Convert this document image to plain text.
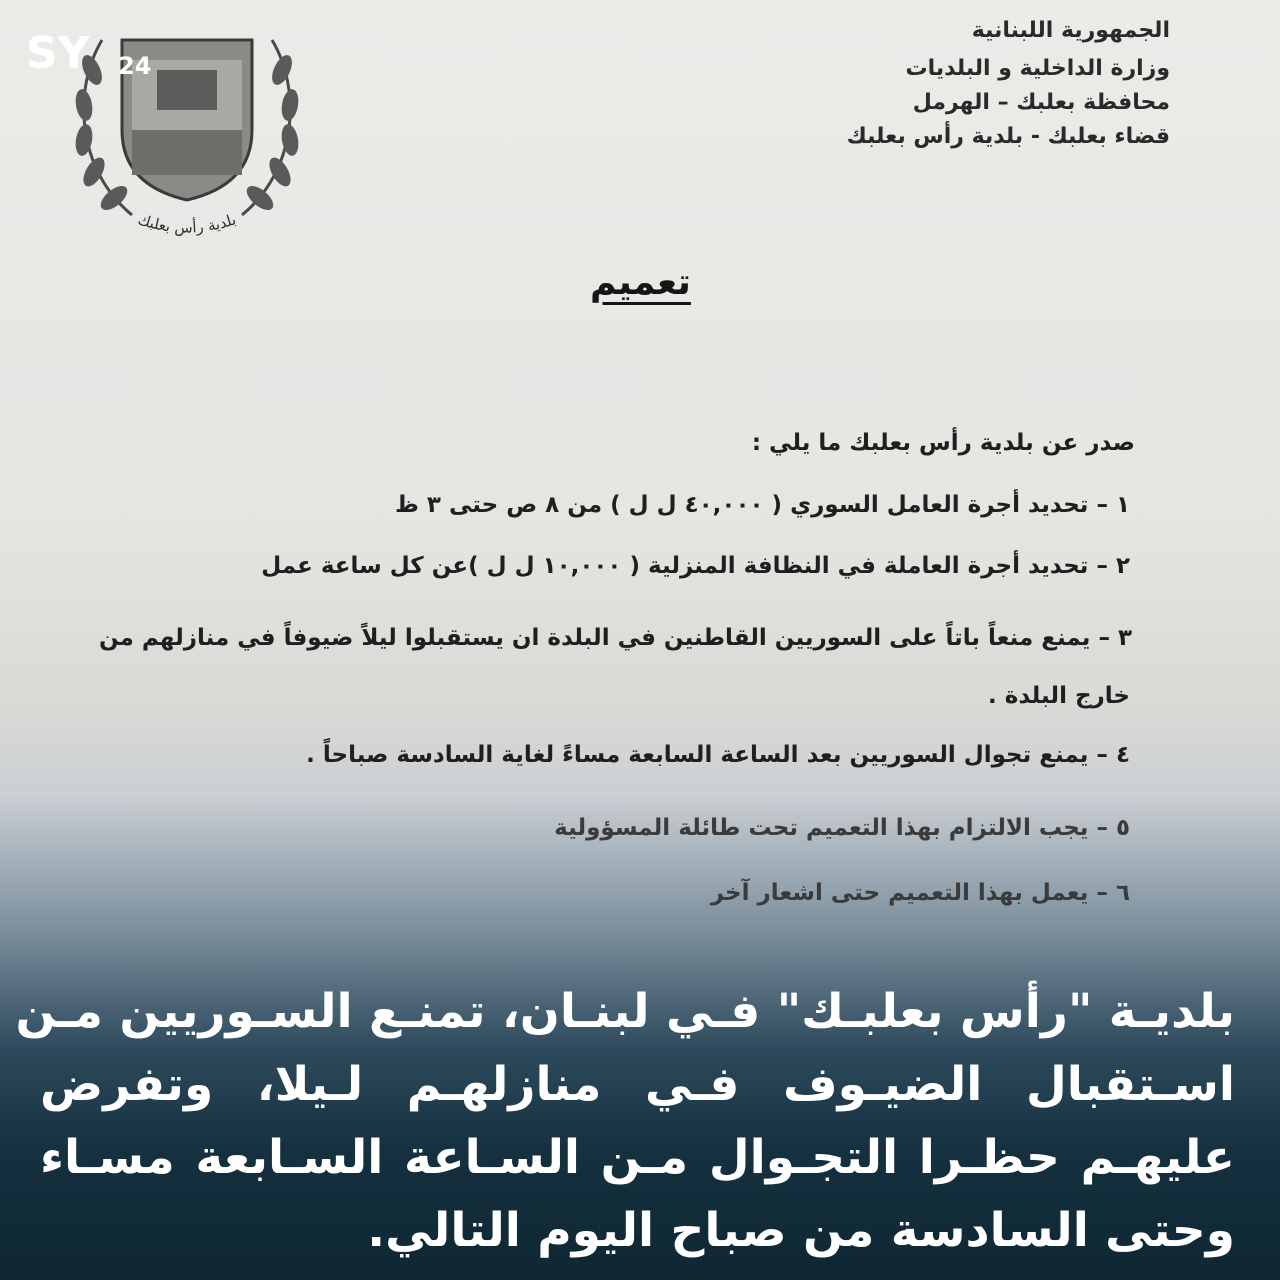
بلدية رأس بعلبك
SY 24
الجمهورية اللبنانية
وزارة الداخلية و البلديات
محافظة بعلبك – الهرمل
قضاء بعلبك - بلدية رأس بعلبك
تعميم
صدر عن بلدية رأس بعلبك ما يلي :
١ – تحديد أجرة العامل السوري ( ٤٠,٠٠٠ ل ل ) من ٨ ص حتى ٣ ظ
٢ – تحديد أجرة العاملة في النظافة المنزلية ( ١٠,٠٠٠ ل ل )عن كل ساعة عمل
٣ – يمنع منعاً باتاً على السوريين القاطنين في البلدة ان يستقبلوا ليلاً ضيوفاً في منازلهم من
خارج البلدة .
٤ – يمنع تجوال السوريين بعد الساعة السابعة مساءً لغاية السادسة صباحاً .
٥ – يجب الالتزام بهذا التعميم تحت طائلة المسؤولية
٦ – يعمل بهذا التعميم حتى اشعار آخر
بلديـة "رأس بعلبـك" فـي لبنـان، تمنـع السـوريين مـن
اسـتقبال الضيـوف فـي منازلهـم لـيلا، وتفرض
عليهـم حظـرا التجـوال مـن السـاعة السـابعة مسـاء
وحتى السادسة من صباح اليوم التالي.
